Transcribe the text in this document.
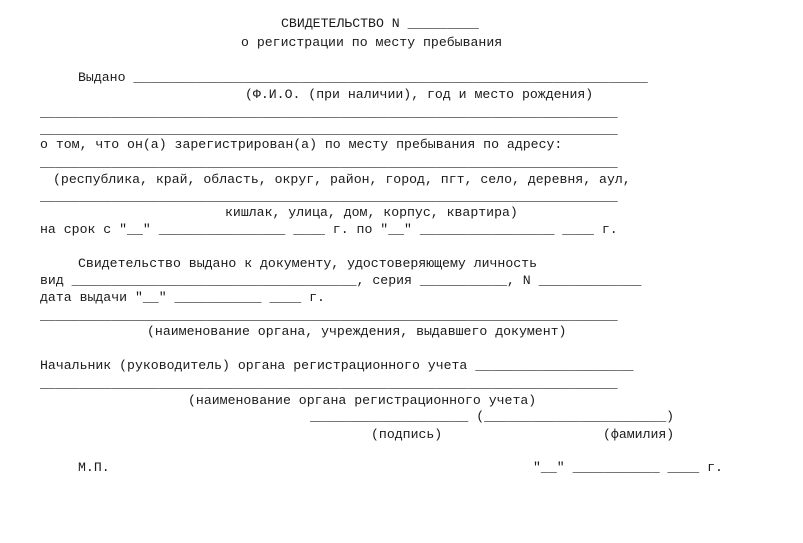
СВИДЕТЕЛЬСТВО N _________
о регистрации по месту пребывания
Выдано _________________________________________________________________
(Ф.И.О. (при наличии), год и место рождения)
_________________________________________________________________________
_________________________________________________________________________
о том, что он(а) зарегистрирован(а) по месту пребывания по адресу:
_________________________________________________________________________
(республика, край, область, округ, район, город, пгт, село, деревня, аул,
_________________________________________________________________________
кишлак, улица, дом, корпус, квартира)
на срок с "__" ________________ ____ г. по "__" _________________ ____ г.
Свидетельство выдано к документу, удостоверяющему личность
вид ____________________________________, серия ___________, N _____________
дата выдачи "__" ___________ ____ г.
_________________________________________________________________________
(наименование органа, учреждения, выдавшего документ)
Начальник (руководитель) органа регистрационного учета ____________________
_________________________________________________________________________
(наименование органа регистрационного учета)
____________________ (_______________________)
(подпись)	(фамилия)
М.П.	"__" ___________ ____ г.
